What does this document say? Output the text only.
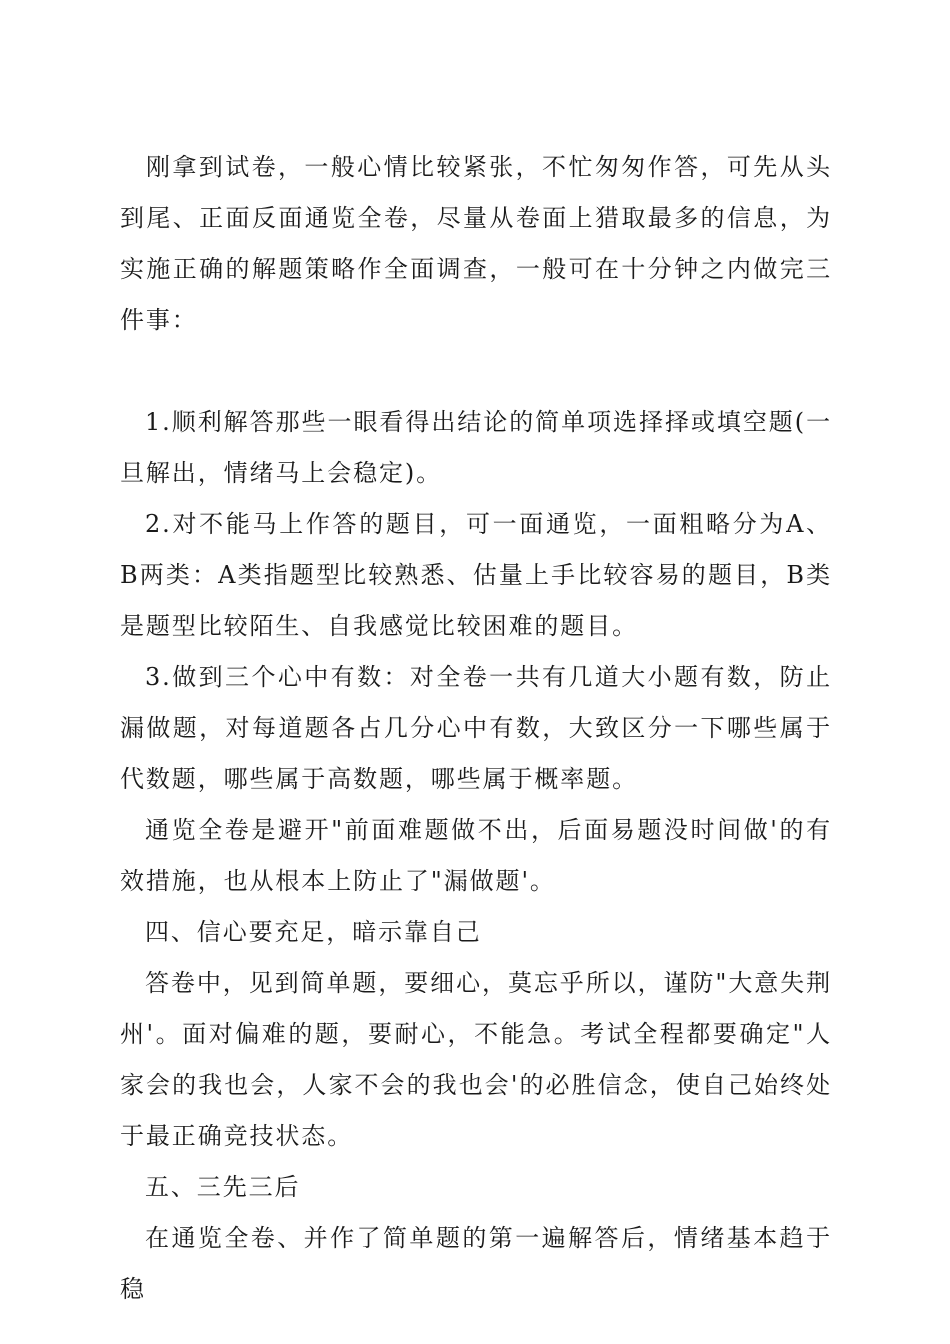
刚拿到试卷，一般心情比较紧张，不忙匆匆作答，可先从头到尾、正面反面通览全卷，尽量从卷面上猎取最多的信息，为实施正确的解题策略作全面调查，一般可在十分钟之内做完三件事：

1.顺利解答那些一眼看得出结论的简单项选择择或填空题(一旦解出，情绪马上会稳定)。

2.对不能马上作答的题目，可一面通览，一面粗略分为A、B两类：A类指题型比较熟悉、估量上手比较容易的题目，B类是题型比较陌生、自我感觉比较困难的题目。

3.做到三个心中有数：对全卷一共有几道大小题有数，防止漏做题，对每道题各占几分心中有数，大致区分一下哪些属于代数题，哪些属于高数题，哪些属于概率题。

通览全卷是避开"前面难题做不出，后面易题没时间做'的有效措施，也从根本上防止了"漏做题'。

四、信心要充足，暗示靠自己

答卷中，见到简单题，要细心，莫忘乎所以，谨防"大意失荆州'。面对偏难的题，要耐心，不能急。考试全程都要确定"人家会的我也会，人家不会的我也会'的必胜信念，使自己始终处于最正确竞技状态。

五、三先三后

在通览全卷、并作了简单题的第一遍解答后，情绪基本趋于稳
